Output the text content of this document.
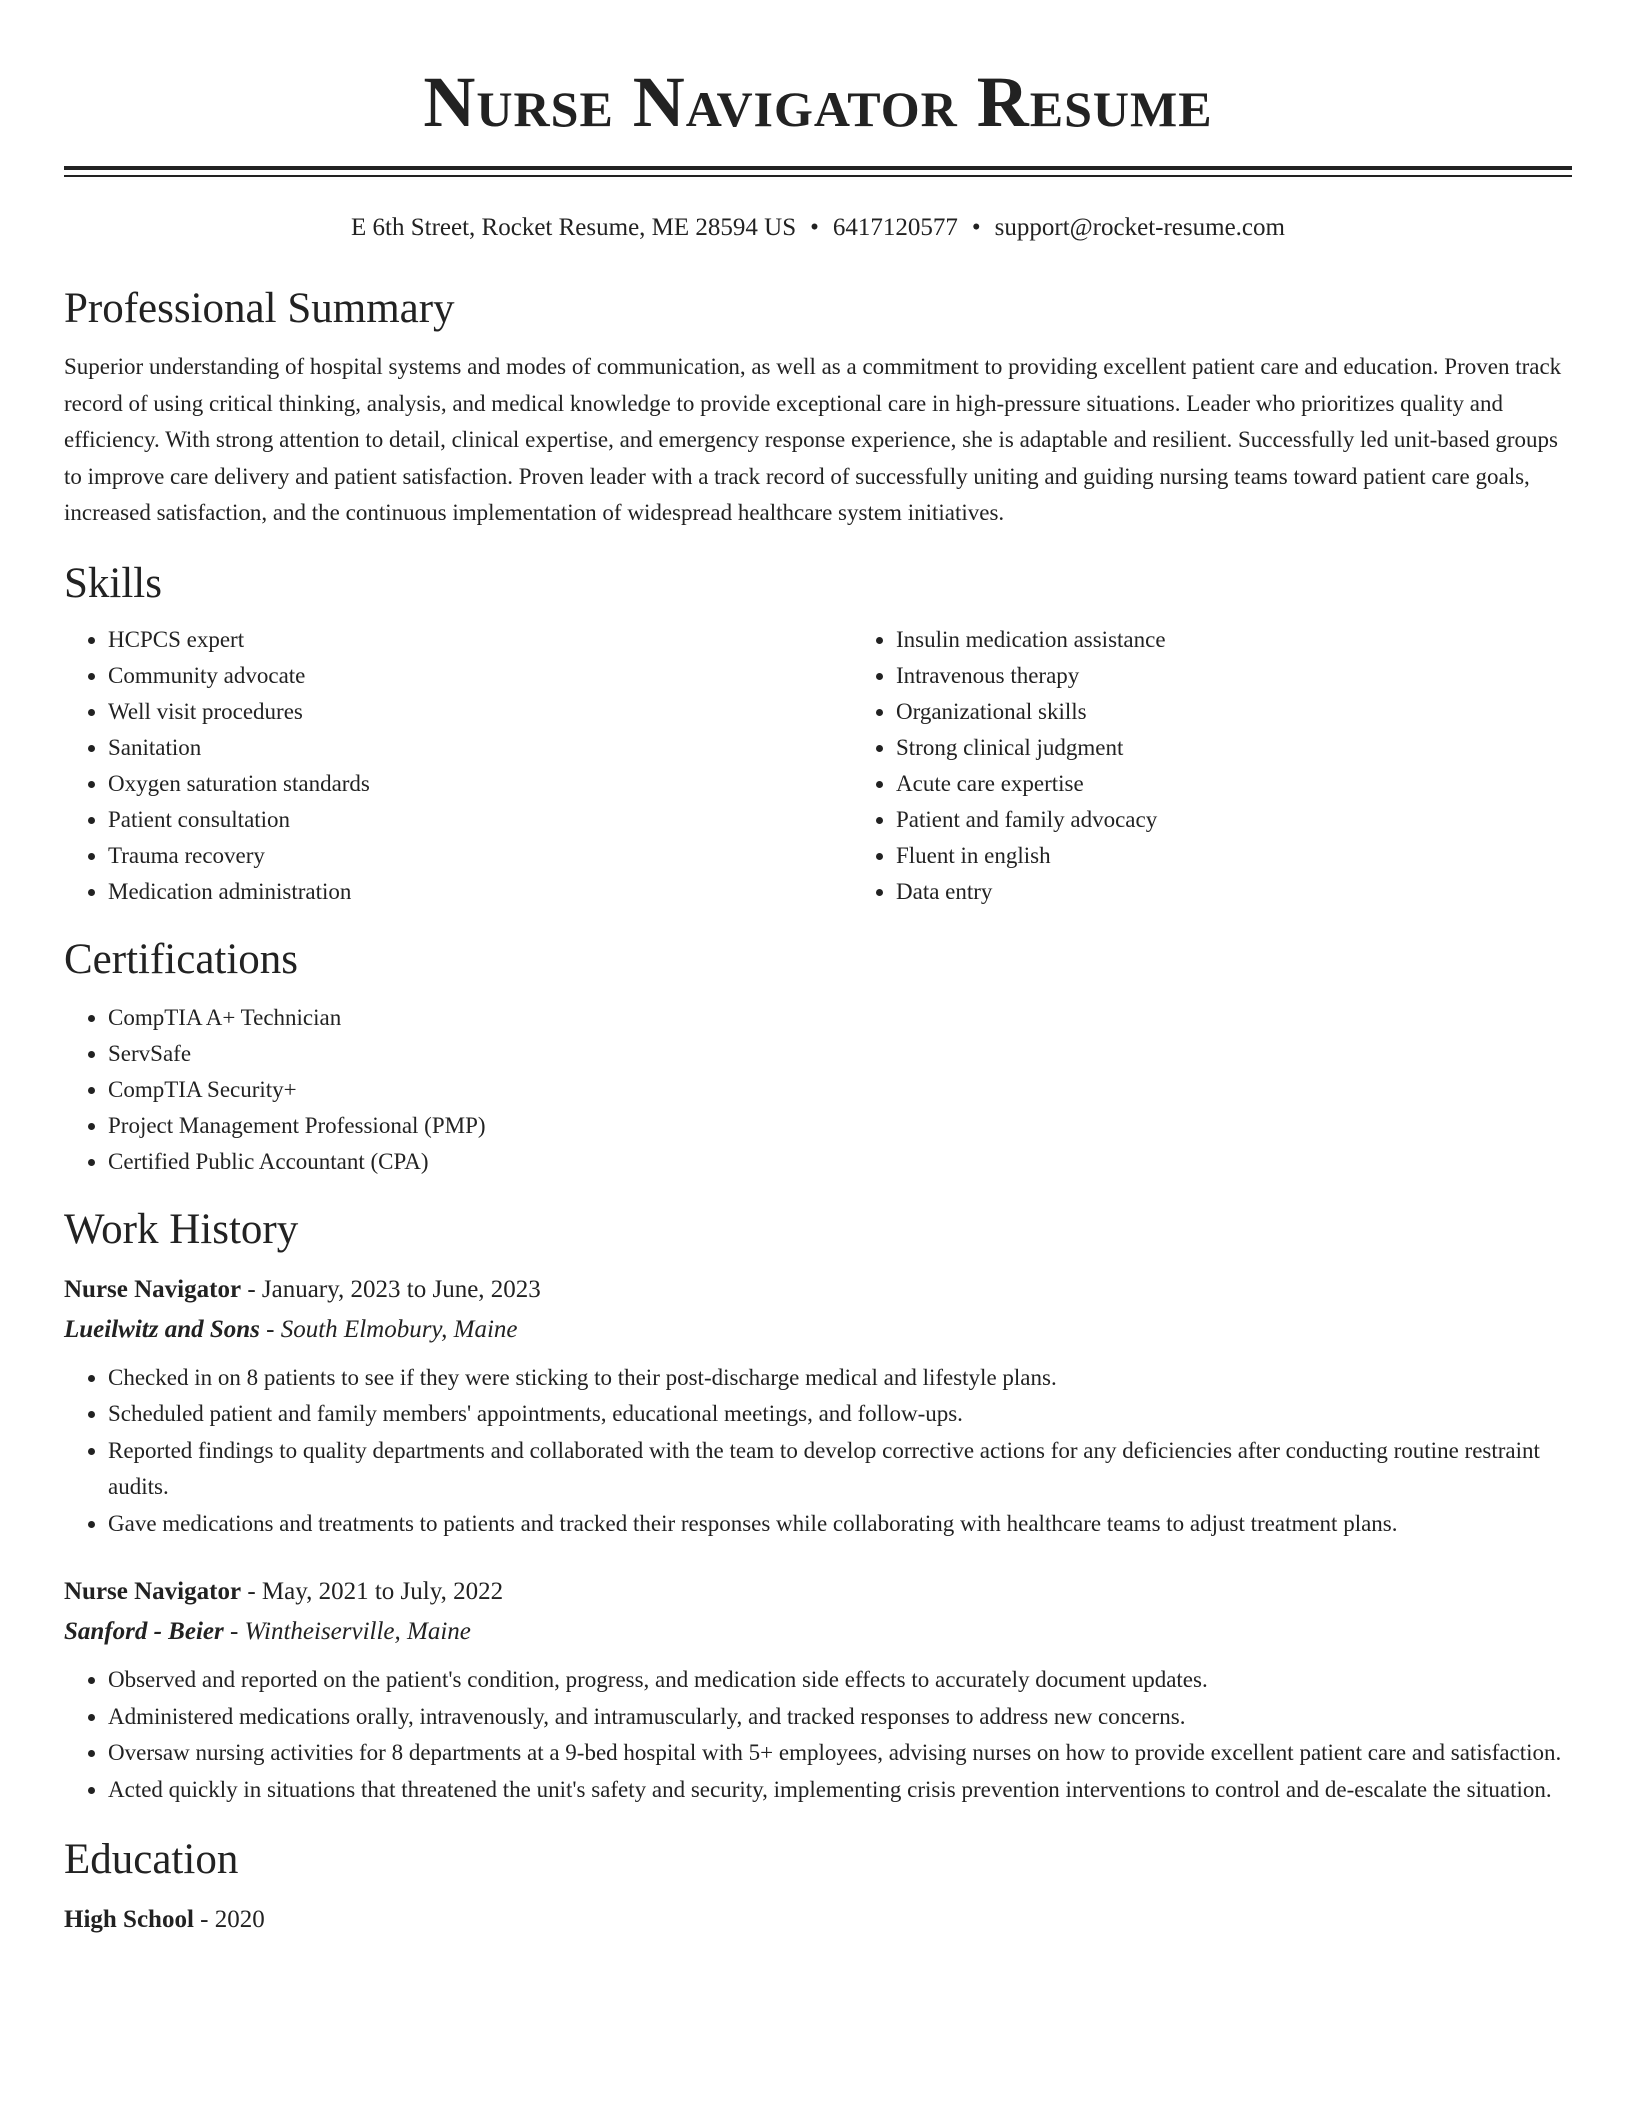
Nurse Navigator Resume
E 6th Street, Rocket Resume, ME 28594 US • 6417120577 • support@rocket-resume.com
Professional Summary
Superior understanding of hospital systems and modes of communication, as well as a commitment to providing excellent patient care and education. Proven track record of using critical thinking, analysis, and medical knowledge to provide exceptional care in high-pressure situations. Leader who prioritizes quality and efficiency. With strong attention to detail, clinical expertise, and emergency response experience, she is adaptable and resilient. Successfully led unit-based groups to improve care delivery and patient satisfaction. Proven leader with a track record of successfully uniting and guiding nursing teams toward patient care goals, increased satisfaction, and the continuous implementation of widespread healthcare system initiatives.
Skills
• HCPCS expert
• Community advocate
• Well visit procedures
• Sanitation
• Oxygen saturation standards
• Patient consultation
• Trauma recovery
• Medication administration
• Insulin medication assistance
• Intravenous therapy
• Organizational skills
• Strong clinical judgment
• Acute care expertise
• Patient and family advocacy
• Fluent in english
• Data entry
Certifications
• CompTIA A+ Technician
• ServSafe
• CompTIA Security+
• Project Management Professional (PMP)
• Certified Public Accountant (CPA)
Work History
Nurse Navigator - January, 2023 to June, 2023
Lueilwitz and Sons - South Elmobury, Maine
• Checked in on 8 patients to see if they were sticking to their post-discharge medical and lifestyle plans.
• Scheduled patient and family members' appointments, educational meetings, and follow-ups.
• Reported findings to quality departments and collaborated with the team to develop corrective actions for any deficiencies after conducting routine restraint audits.
• Gave medications and treatments to patients and tracked their responses while collaborating with healthcare teams to adjust treatment plans.
Nurse Navigator - May, 2021 to July, 2022
Sanford - Beier - Wintheiserville, Maine
• Observed and reported on the patient's condition, progress, and medication side effects to accurately document updates.
• Administered medications orally, intravenously, and intramuscularly, and tracked responses to address new concerns.
• Oversaw nursing activities for 8 departments at a 9-bed hospital with 5+ employees, advising nurses on how to provide excellent patient care and satisfaction.
• Acted quickly in situations that threatened the unit's safety and security, implementing crisis prevention interventions to control and de-escalate the situation.
Education
High School - 2020
